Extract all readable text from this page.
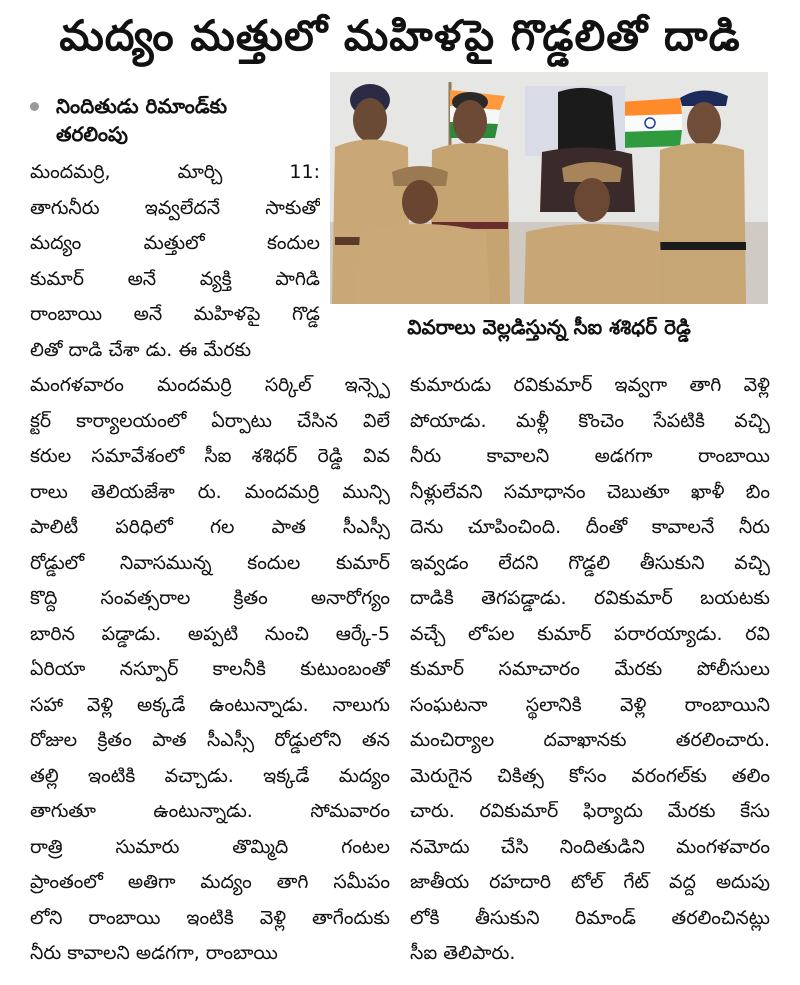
మద్యం మత్తులో మహిళపై గొడ్డలితో దాడి
నిందితుడు రిమాండ్‌కు
తరలింపు
వివరాలు వెల్లడిస్తున్న సీఐ శశిధర్ రెడ్డి
మందమర్రి, మార్చి 11:
తాగునీరు ఇవ్వలేదనే సాకుతో
మద్యం మత్తులో కందుల
కుమార్ అనే వ్యక్తి పాగిడి
రాంబాయి అనే మహిళపై గొడ్డ
లితో దాడి చేశా డు. ఈ మేరకు
మంగళవారం మందమర్రి సర్కిల్ ఇన్స్పె
క్టర్ కార్యాలయంలో ఏర్పాటు చేసిన విలే
కరుల సమావేశంలో సీఐ శశిధర్ రెడ్డి వివ
రాలు తెలియజేశా రు. మందమర్రి మున్సి
పాలిటీ పరిధిలో గల పాత సీఎస్సీ
రోడ్డులో నివాసమున్న కందుల కుమార్
కొద్ది సంవత్సరాల క్రితం అనారోగ్యం
బారిన పడ్డాడు. అప్పటి నుంచి ఆర్కే-5
ఏరియా నస్పూర్ కాలనీకి కుటుంబంతో
సహా వెళ్లి అక్కడే ఉంటున్నాడు. నాలుగు
రోజుల క్రితం పాత సీఎస్సీ రోడ్డులోని తన
తల్లి ఇంటికి వచ్చాడు. ఇక్కడే మద్యం
తాగుతూ ఉంటున్నాడు. సోమవారం
రాత్రి సుమారు తొమ్మిది గంటల
ప్రాంతంలో అతిగా మద్యం తాగి సమీపం
లోని రాంబాయి ఇంటికి వెళ్లి తాగేందుకు
నీరు కావాలని అడగగా, రాంబాయి
కుమారుడు రవికుమార్ ఇవ్వగా తాగి వెళ్లి
పోయాడు. మళ్లీ కొంచెం సేపటికి వచ్చి
నీరు కావాలని అడగగా రాంబాయి
నీళ్లులేవని సమాధానం చెబుతూ ఖాళీ బిం
దెను చూపించింది. దీంతో కావాలనే నీరు
ఇవ్వడం లేదని గొడ్డలి తీసుకుని వచ్చి
దాడికి తెగపడ్డాడు. రవికుమార్ బయటకు
వచ్చే లోపల కుమార్ పరారయ్యాడు. రవి
కుమార్ సమాచారం మేరకు పోలీసులు
సంఘటనా స్థలానికి వెళ్లి రాంబాయిని
మంచిర్యాల దవాఖానకు తరలించారు.
మెరుగైన చికిత్స కోసం వరంగల్‌కు తలిం
చారు. రవికుమార్ ఫిర్యాదు మేరకు కేసు
నమోదు చేసి నిందితుడిని మంగళవారం
జాతీయ రహదారి టోల్ గేట్ వద్ద అదుపు
లోకి తీసుకుని రిమాండ్ తరలించినట్లు
సీఐ తెలిపారు.
